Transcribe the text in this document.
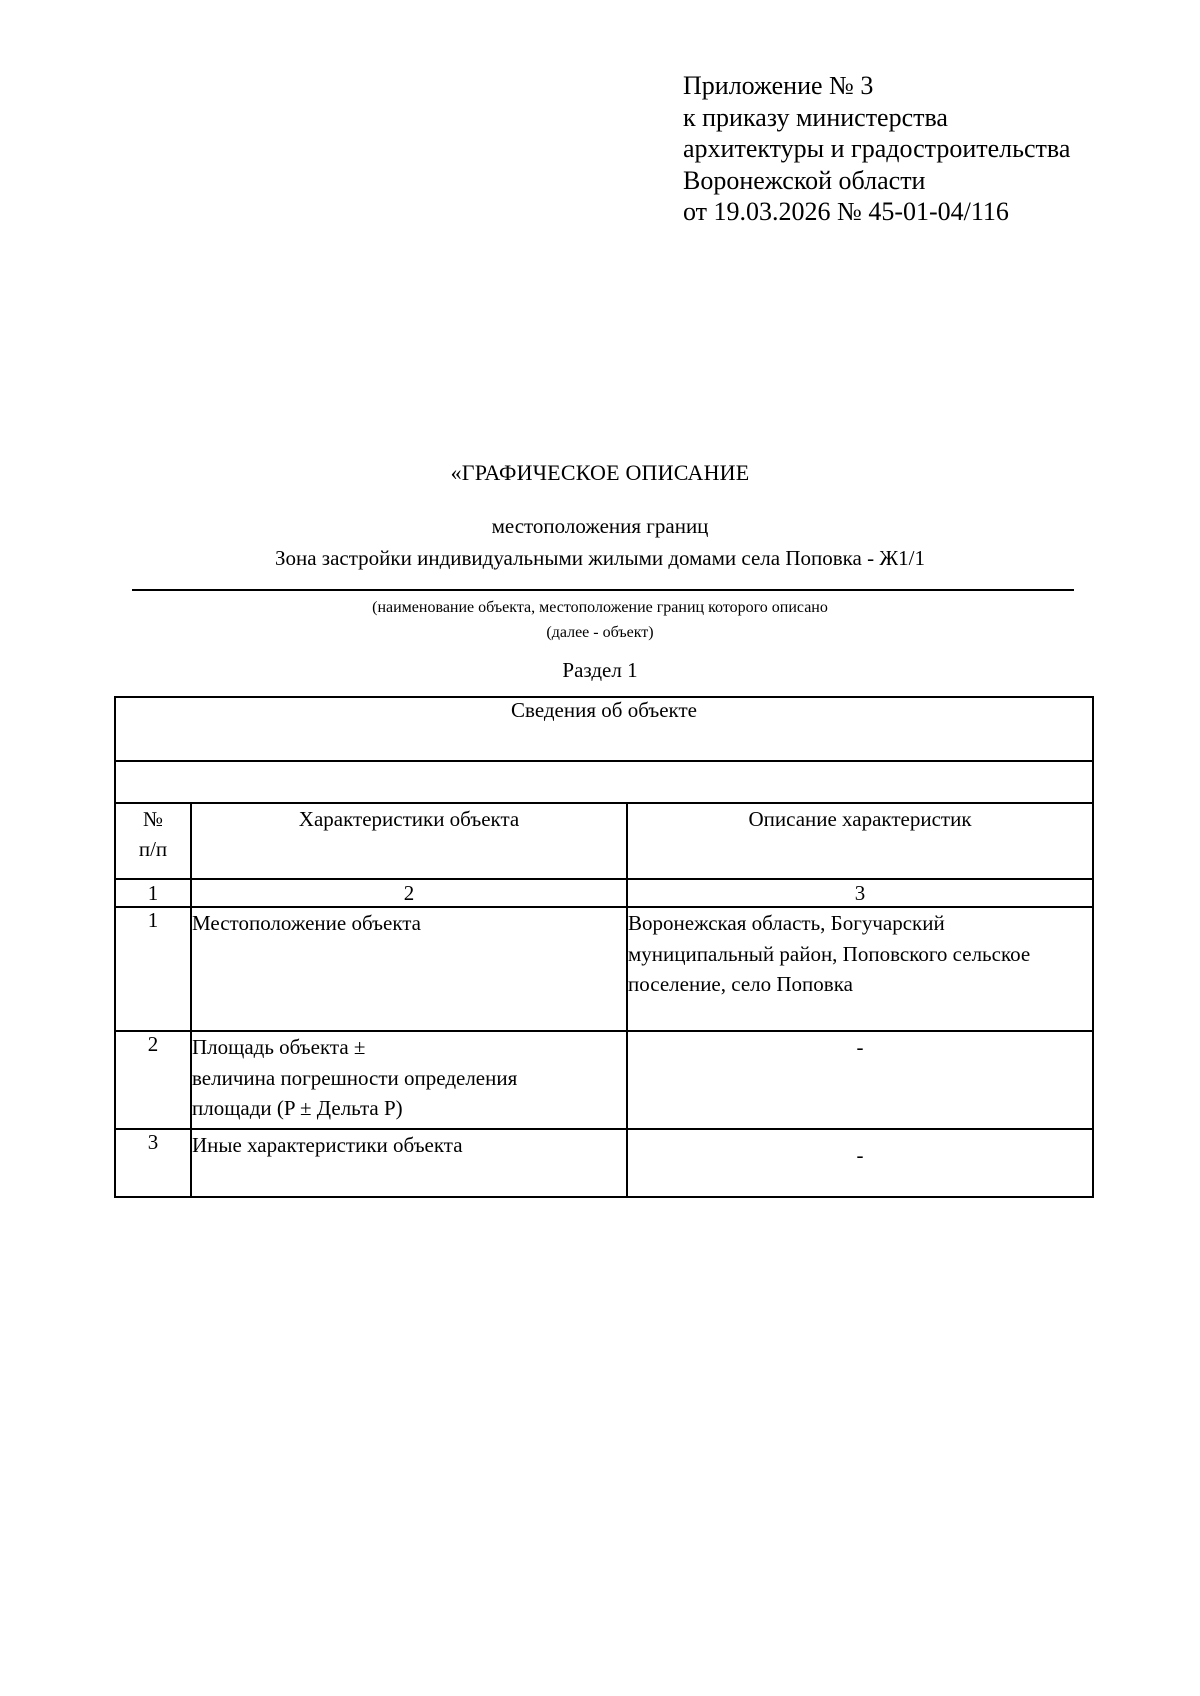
Приложение № 3
к приказу министерства
архитектуры и градостроительства
Воронежской области
от 19.03.2026 № 45-01-04/116
«ГРАФИЧЕСКОЕ ОПИСАНИЕ
местоположения границ
Зона застройки индивидуальными жилыми домами села Поповка - Ж1/1
(наименование объекта, местоположение границ которого описано
(далее - объект)
Раздел 1
Сведения об объекте		

№
п/п	Характеристики объекта	Описание характеристик
1	2	3
1	Местоположение объекта	Воронежская область, Богучарский муниципальный район, Поповского сельское поселение, село Поповка
2	Площадь объекта ±
величина погрешности определения
площади (P ± Дельта P)	-
3	Иные характеристики объекта	-
